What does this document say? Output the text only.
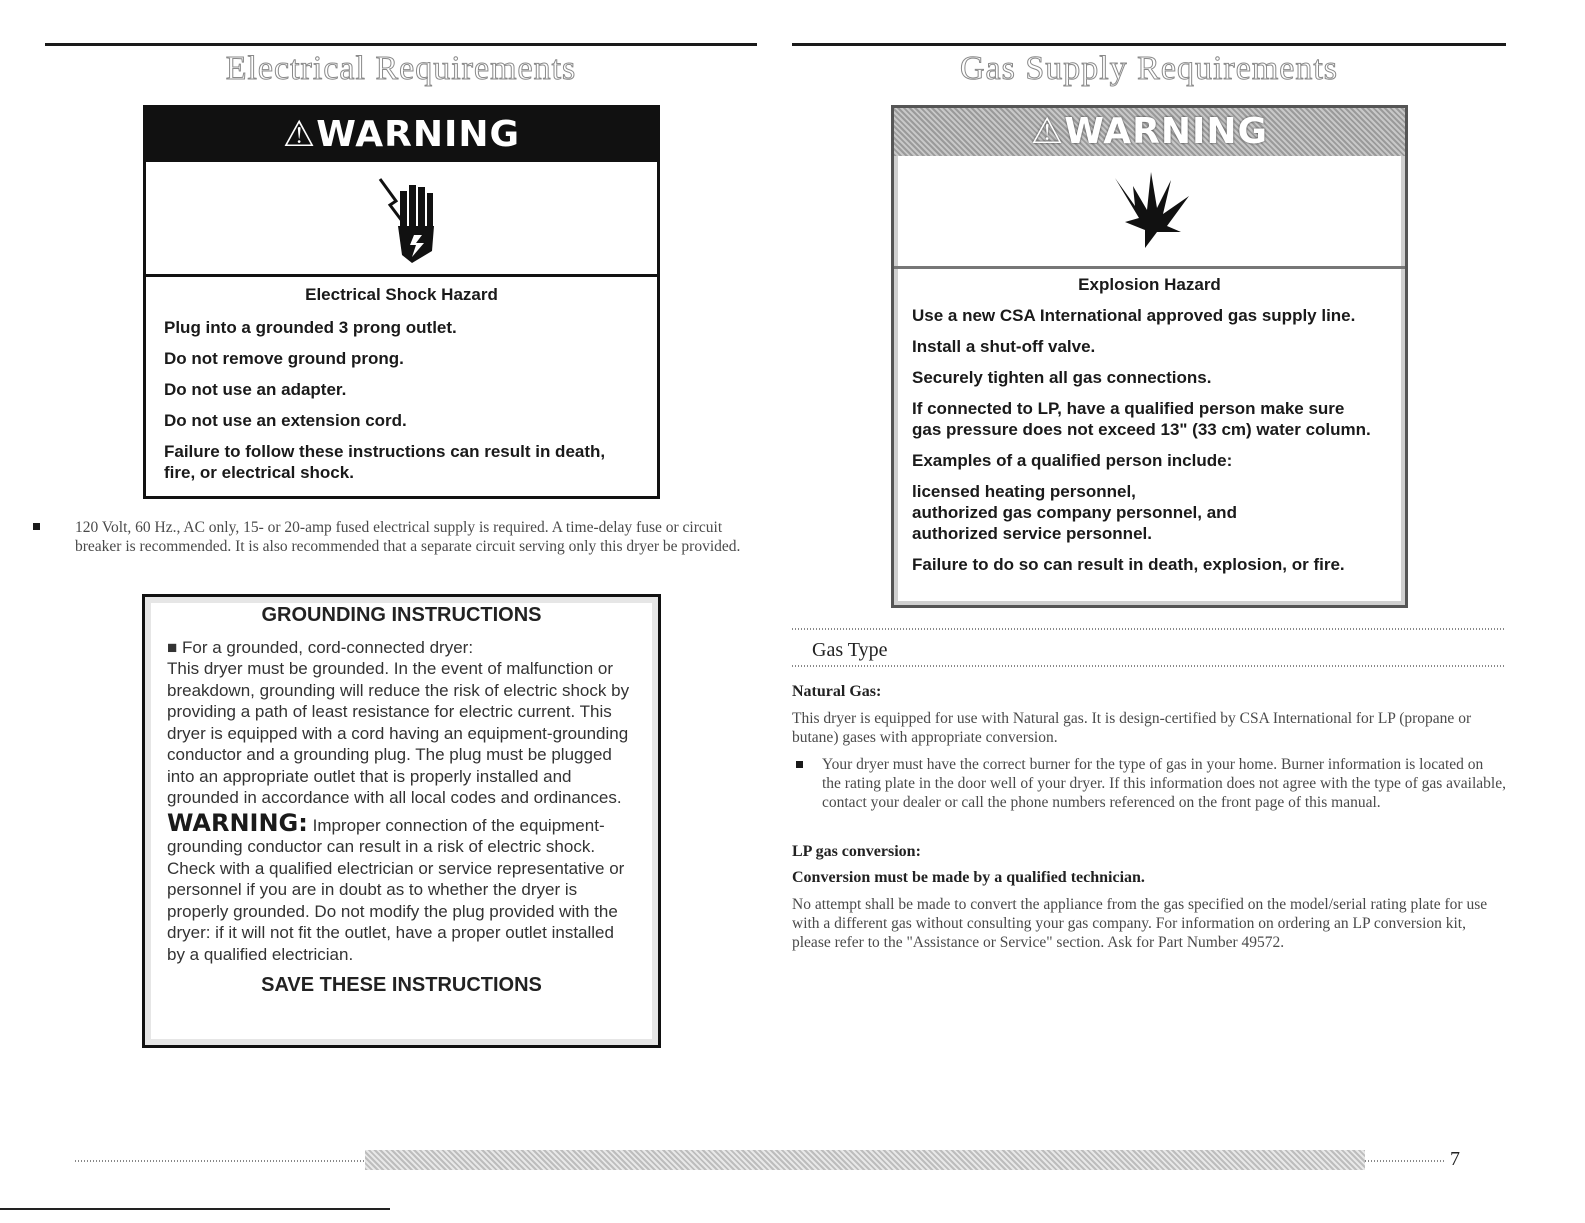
Electrical Requirements
⚠WARNING
Electrical Shock Hazard

Plug into a grounded 3 prong outlet.

Do not remove ground prong.

Do not use an adapter.

Do not use an extension cord.

Failure to follow these instructions can result in death, fire, or electrical shock.

120 Volt, 60 Hz., AC only, 15- or 20-amp fused electrical supply is required. A time-delay fuse or circuit breaker is recommended. It is also recommended that a separate circuit serving only this dryer be provided.
GROUNDING INSTRUCTIONS
■ For a grounded, cord-connected dryer:
This dryer must be grounded. In the event of malfunction or breakdown, grounding will reduce the risk of electric shock by providing a path of least resistance for electric current. This dryer is equipped with a cord having an equipment-grounding conductor and a grounding plug. The plug must be plugged into an appropriate outlet that is properly installed and grounded in accordance with all local codes and ordinances.
WARNING: Improper connection of the equipment-grounding conductor can result in a risk of electric shock. Check with a qualified electrician or service representative or personnel if you are in doubt as to whether the dryer is properly grounded. Do not modify the plug provided with the dryer: if it will not fit the outlet, have a proper outlet installed by a qualified electrician.
SAVE THESE INSTRUCTIONS
Gas Supply Requirements
⚠WARNING
Explosion Hazard

Use a new CSA International approved gas supply line.

Install a shut-off valve.

Securely tighten all gas connections.

If connected to LP, have a qualified person make sure gas pressure does not exceed 13" (33 cm) water column.

Examples of a qualified person include:

licensed heating personnel,
authorized gas company personnel, and
authorized service personnel.

Failure to do so can result in death, explosion, or fire.

Gas Type
Natural Gas:
This dryer is equipped for use with Natural gas. It is design-certified by CSA International for LP (propane or butane) gases with appropriate conversion.
Your dryer must have the correct burner for the type of gas in your home. Burner information is located on the rating plate in the door well of your dryer. If this information does not agree with the type of gas available, contact your dealer or call the phone numbers referenced on the front page of this manual.
LP gas conversion:
Conversion must be made by a qualified technician.
No attempt shall be made to convert the appliance from the gas specified on the model/serial rating plate for use with a different gas without consulting your gas company. For information on ordering an LP conversion kit, please refer to the "Assistance or Service" section. Ask for Part Number 49572.
7
